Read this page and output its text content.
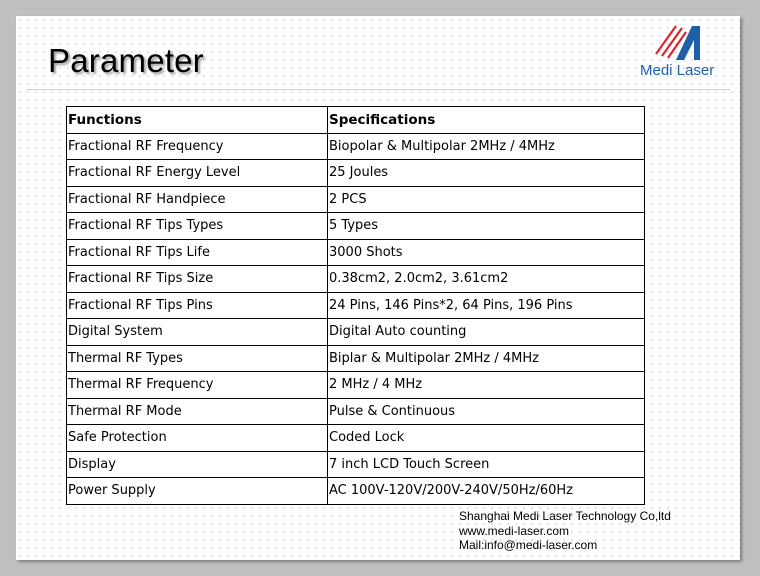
Parameter	Medi Laser
Functions	Specifications
Fractional RF Frequency	Biopolar & Multipolar 2MHz / 4MHz
Fractional RF Energy Level	25 Joules
Fractional RF Handpiece	2 PCS
Fractional RF Tips Types	5 Types
Fractional RF Tips Life	3000 Shots
Fractional RF Tips Size	0.38cm2, 2.0cm2, 3.61cm2
Fractional RF Tips Pins	24 Pins, 146 Pins*2, 64 Pins, 196 Pins
Digital System	Digital Auto counting
Thermal RF Types	Biplar & Multipolar 2MHz / 4MHz
Thermal RF Frequency	2 MHz / 4 MHz
Thermal RF Mode	Pulse & Continuous
Safe Protection	Coded Lock
Display	7 inch LCD Touch Screen
Power Supply	AC 100V-120V/200V-240V/50Hz/60Hz
Shanghai Medi Laser Technology Co,ltd
www.medi-laser.com
Mail:info@medi-laser.com
